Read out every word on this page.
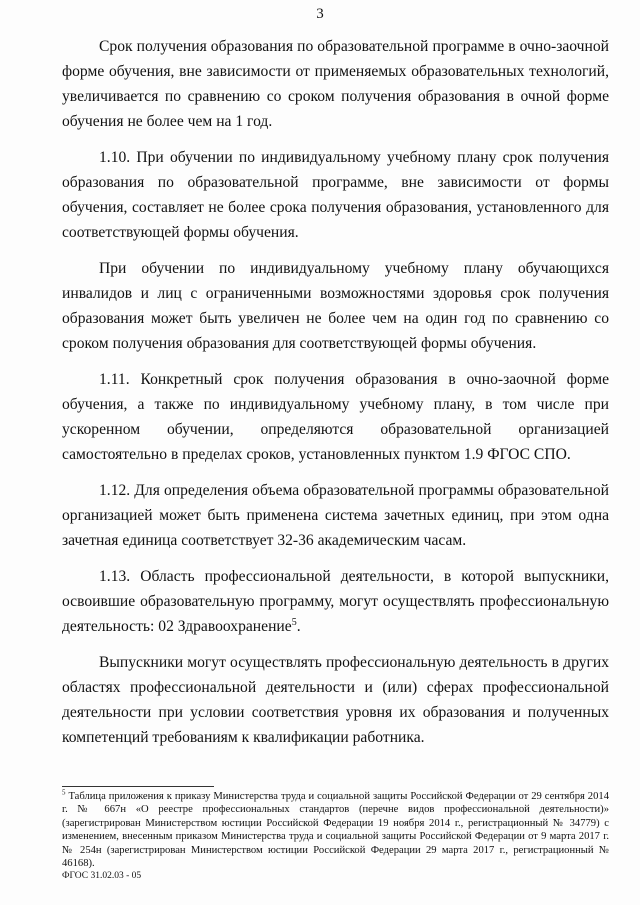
3

Срок получения образования по образовательной программе в очно-заочной форме обучения, вне зависимости от применяемых образовательных технологий, увеличивается по сравнению со сроком получения образования в очной форме обучения не более чем на 1 год.

1.10. При обучении по индивидуальному учебному плану срок получения образования по образовательной программе, вне зависимости от формы обучения, составляет не более срока получения образования, установленного для соответствующей формы обучения.

При обучении по индивидуальному учебному плану обучающихся инвалидов и лиц с ограниченными возможностями здоровья срок получения образования может быть увеличен не более чем на один год по сравнению со сроком получения образования для соответствующей формы обучения.

1.11. Конкретный срок получения образования в очно-заочной форме обучения, а также по индивидуальному учебному плану, в том числе при ускоренном обучении, определяются образовательной организацией самостоятельно в пределах сроков, установленных пунктом 1.9 ФГОС СПО.

1.12. Для определения объема образовательной программы образовательной организацией может быть применена система зачетных единиц, при этом одна зачетная единица соответствует 32-36 академическим часам.

1.13. Область профессиональной деятельности, в которой выпускники, освоившие образовательную программу, могут осуществлять профессиональную деятельность: 02 Здравоохранение$^5$.

Выпускники могут осуществлять профессиональную деятельность в других областях профессиональной деятельности и (или) сферах профессиональной деятельности при условии соответствия уровня их образования и полученных компетенций требованиям к квалификации работника.

$^5$ Таблица приложения к приказу Министерства труда и социальной защиты Российской Федерации от 29 сентября 2014 г. № 667н «О реестре профессиональных стандартов (перечне видов профессиональной деятельности)» (зарегистрирован Министерством юстиции Российской Федерации 19 ноября 2014 г., регистрационный № 34779) с изменением, внесенным приказом Министерства труда и социальной защиты Российской Федерации от 9 марта 2017 г. № 254н (зарегистрирован Министерством юстиции Российской Федерации 29 марта 2017 г., регистрационный № 46168).

ФГОС 31.02.03 - 05
